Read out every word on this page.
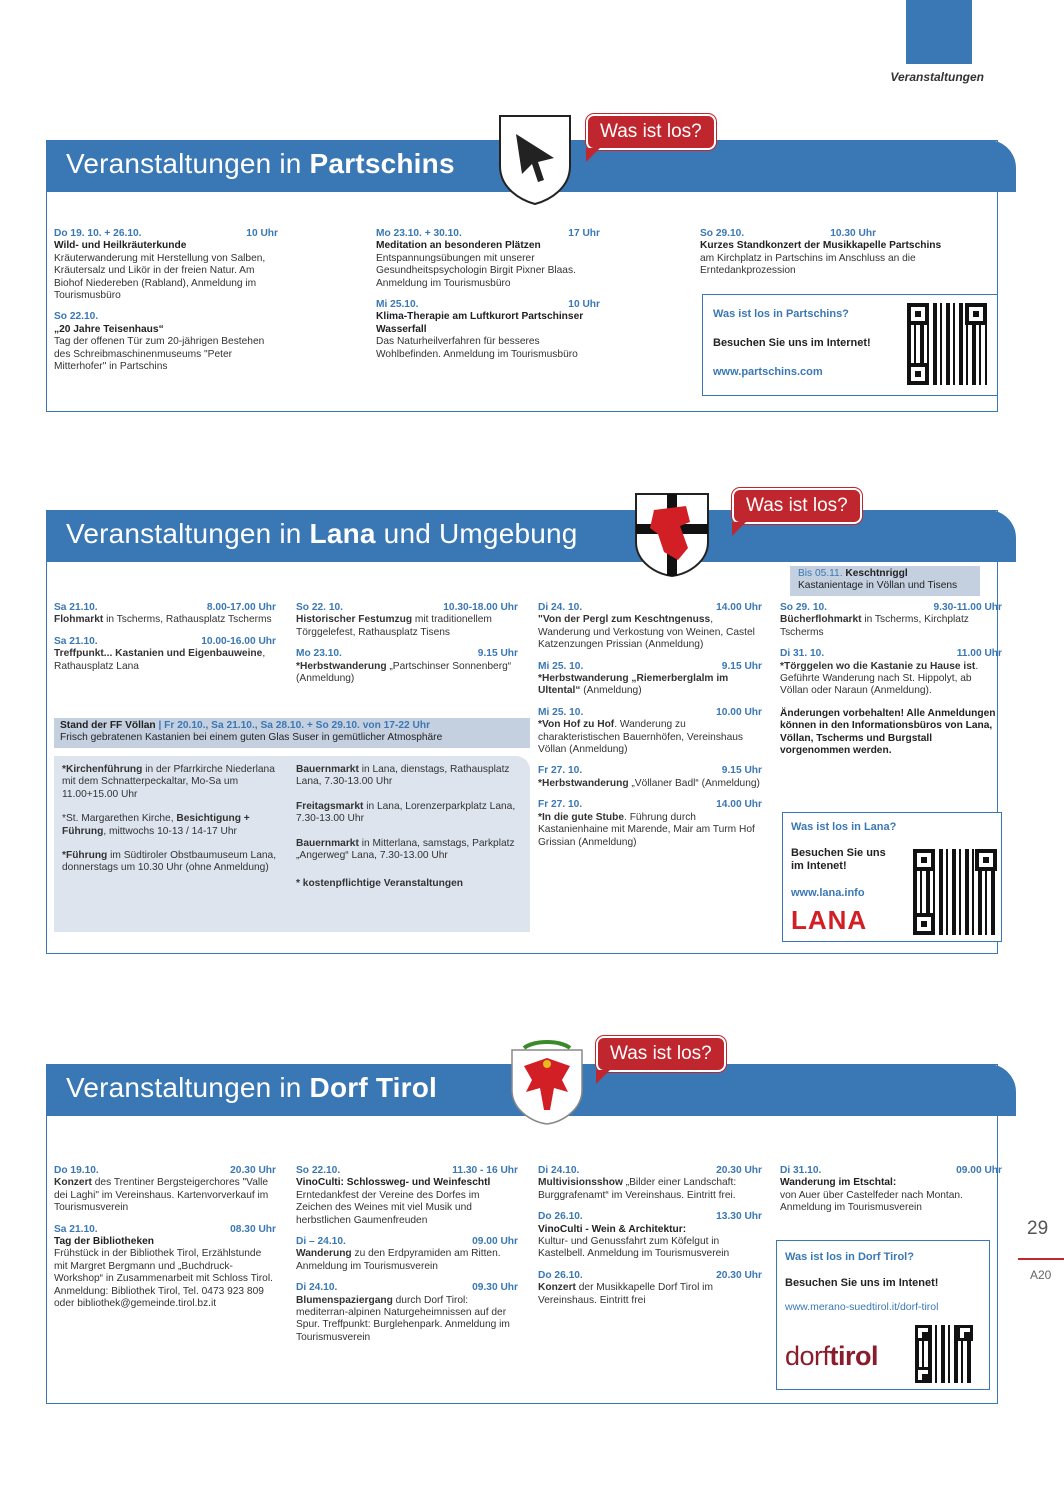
Veranstaltungen
29
A20
Veranstaltungen in Partschins
Was ist los?
Do 19. 10. + 26.10.	10 Uhr
Wild- und Heilkräuterkunde

Kräuterwanderung mit Herstellung von Salben, Kräutersalz und Likör in der freien Natur. Am Biohof Niedereben (Rabland), Anmeldung im Tourismusbüro

So 22.10.
„20 Jahre Teisenhaus“

Tag der offenen Tür zum 20-jährigen Bestehen des Schreibmaschinenmuseums "Peter Mitterhofer" in Partschins

Mo 23.10. + 30.10.	17 Uhr
Meditation an besonderen Plätzen

Entspannungsübungen mit unserer Gesundheitspsychologin Birgit Pixner Blaas. Anmeldung im Tourismusbüro

Mi 25.10.	10 Uhr
Klima-Therapie am Luftkurort Partschinser Wasserfall

Das Naturheilverfahren für besseres Wohlbefinden. Anmeldung im Tourismusbüro

So 29.10.	10.30 Uhr
Kurzes Standkonzert der Musikkapelle Partschins

am Kirchplatz in Partschins im Anschluss an die Erntedankprozession

Was ist los in Partschins?
Besuchen Sie uns im Internet!
www.partschins.com
Veranstaltungen in Lana und Umgebung
Was ist los?
Bis 05.11. Keschtnriggl
Kastanientage in Völlan und Tisens
Sa 21.10.	8.00-17.00 Uhr

Flohmarkt in Tscherms, Rathausplatz Tscherms

Sa 21.10.	10.00-16.00 Uhr

Treffpunkt... Kastanien und Eigenbauweine, Rathausplatz Lana

So 22. 10.	10.30-18.00 Uhr

Historischer Festumzug mit traditionellem Törggelefest, Rathausplatz Tisens

Mo 23.10.	9.15 Uhr

*Herbstwanderung „Partschinser Sonnenberg“ (Anmeldung)

Stand der FF Völlan | Fr 20.10., Sa 21.10., Sa 28.10. + So 29.10. von 17-22 Uhr
Frisch gebratenen Kastanien bei einem guten Glas Suser in gemütlicher Atmosphäre

*Kirchenführung in der Pfarrkirche Niederlana mit dem Schnatterpeckaltar, Mo-Sa um 11.00+15.00 Uhr

*St. Margarethen Kirche, Besichtigung + Führung, mittwochs 10-13 / 14-17 Uhr

*Führung im Südtiroler Obstbaumuseum Lana, donnerstags um 10.30 Uhr (ohne Anmeldung)

Bauernmarkt in Lana, dienstags, Rathausplatz Lana, 7.30-13.00 Uhr

Freitagsmarkt in Lana, Lorenzerparkplatz Lana, 7.30-13.00 Uhr

Bauernmarkt in Mitterlana, samstags, Parkplatz „Angerweg“ Lana, 7.30-13.00 Uhr

* kostenpflichtige Veranstaltungen

Di 24. 10.	14.00 Uhr

"Von der Pergl zum Keschtngenuss, Wanderung und Verkostung von Weinen, Castel Katzenzungen Prissian (Anmeldung)

Mi 25. 10.	9.15 Uhr

*Herbstwanderung „Riemerberglalm im Ultental“ (Anmeldung)

Mi 25. 10.	10.00 Uhr

*Von Hof zu Hof. Wanderung zu charakteristischen Bauernhöfen, Vereinshaus Völlan (Anmeldung)

Fr 27. 10.	9.15 Uhr

*Herbstwanderung „Völlaner Badl“ (Anmeldung)

Fr 27. 10.	14.00 Uhr

*In die gute Stube. Führung durch Kastanienhaine mit Marende, Mair am Turm Hof Grissian (Anmeldung)

So 29. 10.	9.30-11.00 Uhr

Bücherflohmarkt in Tscherms, Kirchplatz Tscherms

Di 31. 10.	11.00 Uhr

*Törggelen wo die Kastanie zu Hause ist. Geführte Wanderung nach St. Hippolyt, ab Völlan oder Naraun (Anmeldung).

Änderungen vorbehalten! Alle Anmeldungen können in den Informationsbüros von Lana, Völlan, Tscherms und Burgstall vorgenommen werden.

Was ist los in Lana?
Besuchen Sie uns im Intenet!
www.lana.info
LANA
Veranstaltungen in Dorf Tirol
Was ist los?
Do 19.10.	20.30 Uhr

Konzert des Trentiner Bergsteigerchores "Valle dei Laghi" im Vereinshaus. Kartenvorverkauf im Tourismusverein

Sa 21.10.	08.30 Uhr
Tag der Bibliotheken

Frühstück in der Bibliothek Tirol, Erzählstunde mit Margret Bergmann und „Buchdruck-Workshop“ in Zusammenarbeit mit Schloss Tirol. Anmeldung: Bibliothek Tirol, Tel. 0473 923 809 oder bibliothek@gemeinde.tirol.bz.it

So 22.10.	11.30 - 16 Uhr
VinoCulti: Schlossweg- und Weinfeschtl

Erntedankfest der Vereine des Dorfes im Zeichen des Weines mit viel Musik und herbstlichen Gaumenfreuden

Di – 24.10.	09.00 Uhr

Wanderung zu den Erdpyramiden am Ritten. Anmeldung im Tourismusverein

Di 24.10.	09.30 Uhr

Blumenspaziergang durch Dorf Tirol: mediterran-alpinen Naturgeheimnissen auf der Spur. Treffpunkt: Burglehenpark. Anmeldung im Tourismusverein

Di 24.10.	20.30 Uhr

Multivisionsshow „Bilder einer Landschaft: Burggrafenamt“ im Vereinshaus. Eintritt frei.

Do 26.10.	13.30 Uhr
VinoCulti - Wein & Architektur:

Kultur- und Genussfahrt zum Köfelgut in Kastelbell. Anmeldung im Tourismusverein

Do 26.10.	20.30 Uhr

Konzert der Musikkapelle Dorf Tirol im Vereinshaus. Eintritt frei

Di 31.10.	09.00 Uhr
Wanderung im Etschtal:

von Auer über Castelfeder nach Montan. Anmeldung im Tourismusverein

Was ist los in Dorf Tirol?
Besuchen Sie uns im Intenet!
www.merano-suedtirol.it/dorf-tirol
dorftirol
